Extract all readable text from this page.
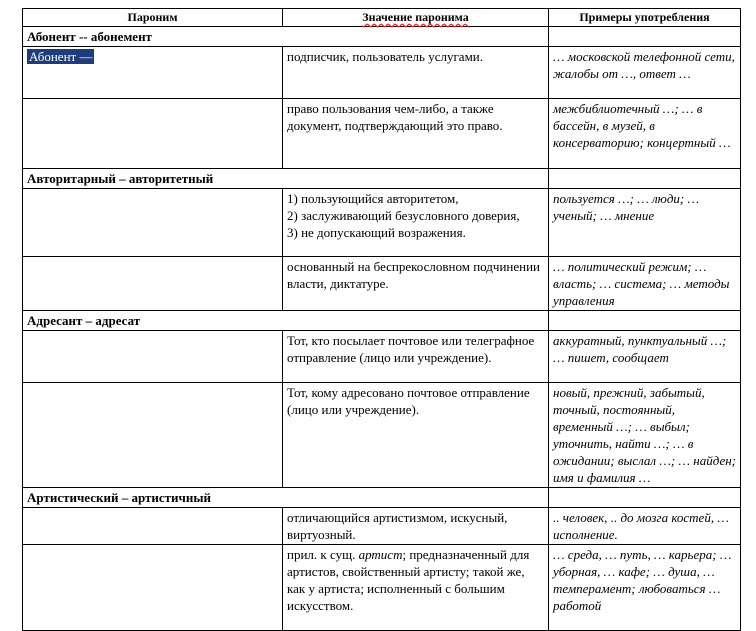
Пароним	Значение паронима	Примеры употребления
Абонент -- абонемент		
Абонент —	подписчик, пользователь услугами.	… московской телефонной сети, жалобы от …, ответ …
	право пользования чем-либо, а также документ, подтверждающий это право.	межбиблиотечный …; … в бассейн, в музей, в консерваторию; концертный …
Авторитарный – авторитетный		

	1) пользующийся авторитетом,
2) заслуживающий безусловного доверия,
3) не допускающий возражения.	пользуется …; … люди; … ученый; … мнение
	основанный на беспрекословном подчинении власти, диктатуре.	… политический режим; … власть; … система; … методы управления
Адресант – адресат		
	Тот, кто посылает почтовое или телеграфное отправление (лицо или учреждение).	аккуратный, пунктуальный …; … пишет, сообщает
	Тот, кому адресовано почтовое отправление (лицо или учреждение).	новый, прежний, забытый, точный, постоянный, временный …; … выбыл; уточнить, найти …; … в ожидании; выслал …; … найден; имя и фамилия …
Артистический – артистичный		
	отличающийся артистизмом, искусный, виртуозный.	.. человек, .. до мозга костей, … исполнение.
	прил. к сущ. артист; предназначенный для артистов, свойственный артисту; такой же, как у артиста; исполненный с большим искусством.	… среда, … путь, … карьера; … уборная, … кафе; … душа, … темперамент; любоваться … работой
